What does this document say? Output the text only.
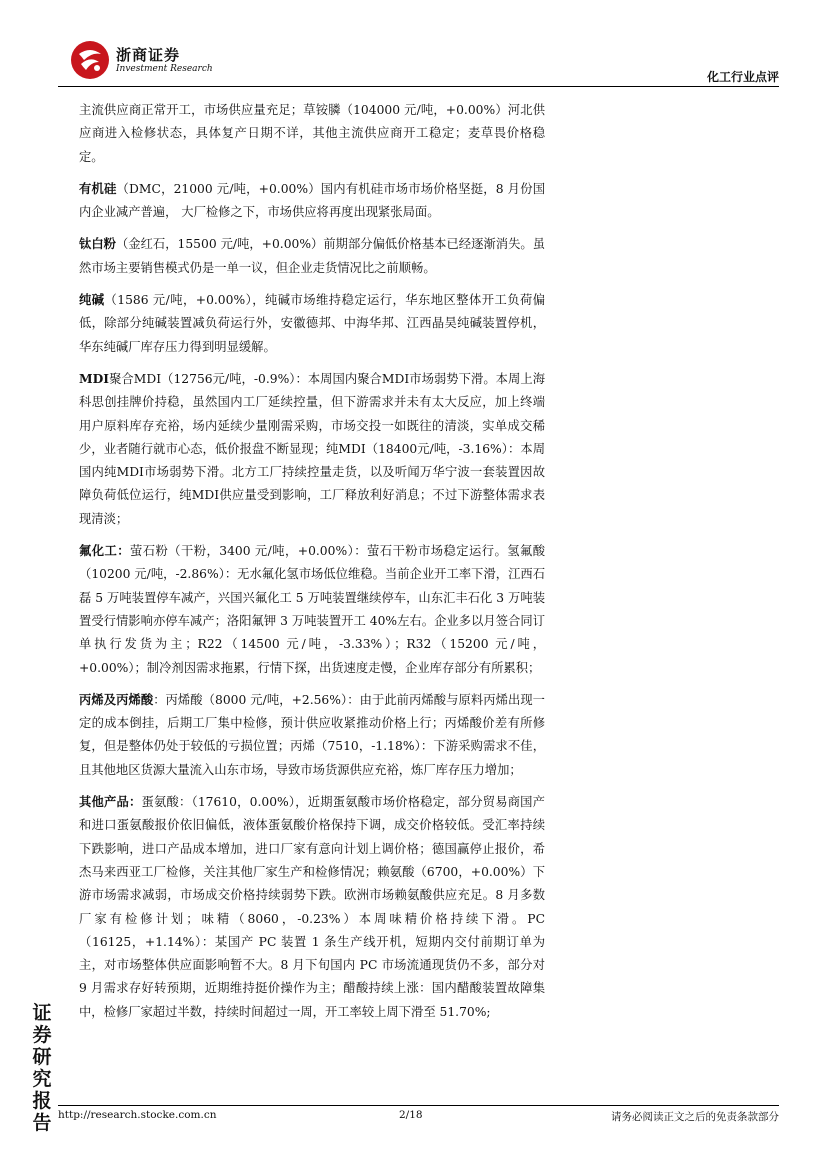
浙商证券
Investment Research
化工行业点评

主流供应商正常开工，市场供应量充足；草铵膦（104000 元/吨，+0.00%）河北供应商进入检修状态，具体复产日期不详，其他主流供应商开工稳定；麦草畏价格稳定。

有机硅（DMC，21000 元/吨，+0.00%）国内有机硅市场市场价格坚挺，8 月份国内企业减产普遍， 大厂检修之下，市场供应将再度出现紧张局面。

钛白粉（金红石，15500 元/吨，+0.00%）前期部分偏低价格基本已经逐渐消失。虽然市场主要销售模式仍是一单一议，但企业走货情况比之前顺畅。

纯碱（1586 元/吨，+0.00%），纯碱市场维持稳定运行，华东地区整体开工负荷偏低，除部分纯碱装置减负荷运行外，安徽德邦、中海华邦、江西晶昊纯碱装置停机，华东纯碱厂库存压力得到明显缓解。

MDI聚合MDI（12756元/吨，-0.9%）：本周国内聚合MDI市场弱势下滑。本周上海科思创挂牌价持稳，虽然国内工厂延续控量，但下游需求并未有太大反应，加上终端用户原料库存充裕，场内延续少量刚需采购，市场交投一如既往的清淡，实单成交稀少，业者随行就市心态，低价报盘不断显现；纯MDI（18400元/吨，-3.16%）：本周国内纯MDI市场弱势下滑。北方工厂持续控量走货，以及听闻万华宁波一套装置因故障负荷低位运行，纯MDI供应量受到影响，工厂释放利好消息；不过下游整体需求表现清淡；

氟化工：萤石粉（干粉，3400 元/吨，+0.00%）：萤石干粉市场稳定运行。氢氟酸（10200 元/吨，-2.86%）：无水氟化氢市场低位维稳。当前企业开工率下滑，江西石磊 5 万吨装置停车减产，兴国兴氟化工 5 万吨装置继续停车，山东汇丰石化 3 万吨装置受行情影响亦停车减产；洛阳氟钾 3 万吨装置开工 40%左右。企业多以月签合同订单执行发货为主；R22（14500 元/吨，-3.33%）；R32（15200 元/吨，+0.00%）；制冷剂因需求拖累，行情下探，出货速度走慢，企业库存部分有所累积；

丙烯及丙烯酸：丙烯酸（8000 元/吨，+2.56%）：由于此前丙烯酸与原料丙烯出现一定的成本倒挂，后期工厂集中检修，预计供应收紧推动价格上行；丙烯酸价差有所修复，但是整体仍处于较低的亏损位置；丙烯（7510，-1.18%）：下游采购需求不佳，且其他地区货源大量流入山东市场，导致市场货源供应充裕，炼厂库存压力增加；

其他产品：蛋氨酸：（17610，0.00%），近期蛋氨酸市场价格稳定，部分贸易商国产和进口蛋氨酸报价依旧偏低，液体蛋氨酸价格保持下调，成交价格较低。受汇率持续下跌影响，进口产品成本增加，进口厂家有意向计划上调价格；德国赢停止报价，希杰马来西亚工厂检修，关注其他厂家生产和检修情况；赖氨酸（6700，+0.00%）下游市场需求减弱，市场成交价格持续弱势下跌。欧洲市场赖氨酸供应充足。8 月多数厂家有检修计划；味精（8060，-0.23%）本周味精价格持续下滑。PC（16125，+1.14%）：某国产 PC 装置 1 条生产线开机，短期内交付前期订单为主，对市场整体供应面影响暂不大。8 月下旬国内 PC 市场流通现货仍不多，部分对 9 月需求存好转预期，近期维持挺价操作为主；醋酸持续上涨：国内醋酸装置故障集中，检修厂家超过半数，持续时间超过一周，开工率较上周下滑至 51.70%;

证
券
研
究
报
告 http://research.stocke.com.cn	2/18	请务必阅读正文之后的免责条款部分
